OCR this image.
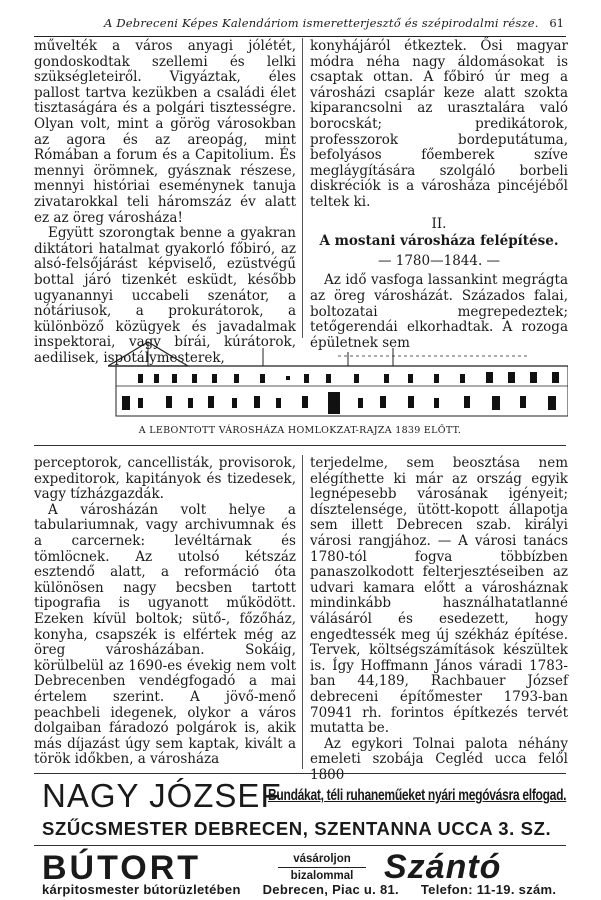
A Debreceni Képes Kalendáriom ismeretterjesztő és szépirodalmi része. 61

művelték a város anyagi jólétét, gondoskodtak szellemi és lelki szükségleteiről. Vigyáztak, éles pallost tartva kezükben a családi élet tisztaságára és a polgári tisztességre. Olyan volt, mint a görög városokban az agora és az areopág, mint Rómában a forum és a Capitolium. És mennyi örömnek, gyásznak részese, mennyi históriai eseménynek tanuja zivatarokkal teli háromszáz év alatt ez az öreg városháza!

Együtt szorongtak benne a gyakran diktátori hatalmat gyakorló főbiró, az alsó-felsőjárást képviselő, ezüstvégű bottal járó tizenkét esküdt, később ugyanannyi uccabeli szenátor, a nótáriusok, a prokurátorok, a különböző közügyek és javadalmak inspektorai, vagy bírái, kúrátorok, aedilisek, ispotálymesterek,

konyhájáról étkeztek. Ősi magyar módra néha nagy áldomásokat is csaptak ottan. A főbiró úr meg a városházi csaplár keze alatt szokta kiparancsolni az urasztalára való borocskát; predikátorok, professzorok bordeputátuma, befolyásos főemberek szíve megláygítására szolgáló borbeli diskréciók is a városháza pincéjéből teltek ki.

II.
A mostani városháza felépítése.
— 1780—1844. —

Az idő vasfoga lassankint megrágta az öreg városházát. Százados falai, boltozatai megrepedeztek; tetőgerendái elkorhadtak. A rozoga épületnek sem

A LEBONTOTT VÁROSHÁZA HOMLOKZAT-RAJZA 1839 ELŐTT.

perceptorok, cancellisták, provisorok, expeditorok, kapitányok és tizedesek, vagy tízházgazdák.

A városházán volt helye a tabulariumnak, vagy archivumnak és a carcernek: levéltárnak és tömlöcnek. Az utolsó kétszáz esztendő alatt, a reformáció óta különösen nagy becsben tartott tipografia is ugyanott működött. Ezeken kívül boltok; sütő-, főzőház, konyha, csapszék is elfértek még az öreg városházában. Sokáig, körülbelül az 1690-es évekig nem volt Debrecenben vendégfogadó a mai értelem szerint. A jövő-menő peachbeli idegenek, olykor a város dolgaiban fáradozó polgárok is, akik más díjazást úgy sem kaptak, kivált a török időkben, a városháza

terjedelme, sem beosztása nem elégíthette ki már az ország egyik legnépesebb városának igényeit; dísztelensége, ütött-kopott állapotja sem illett Debrecen szab. királyi városi rangjához. — A városi tanács 1780-tól fogva többízben panaszolkodott felterjesztéseiben az udvari kamara előtt a városháznak mindinkább használhatatlanné válásáról és esedezett, hogy engedtessék meg új székház építése. Tervek, költségszámítások készültek is. Így Hoffmann János váradi 1783-ban 44,189, Rachbauer József debreceni építőmester 1793-ban 70941 rh. forintos építkezés tervét mutatta be.

Az egykori Tolnai palota néhány emeleti szobája Cegléd ucca felől 1800

NAGY JÓZSEF
Bundákat, téli ruhaneműeket nyári megóvásra elfogad.
SZŰCSMESTER DEBRECEN, SZENTANNA UCCA 3. SZ.
BÚTORT	vásároljon
bizalommal Szántó
kárpitosmester bútorüzletében Debrecen, Piac u. 81. Telefon: 11-19. szám.
